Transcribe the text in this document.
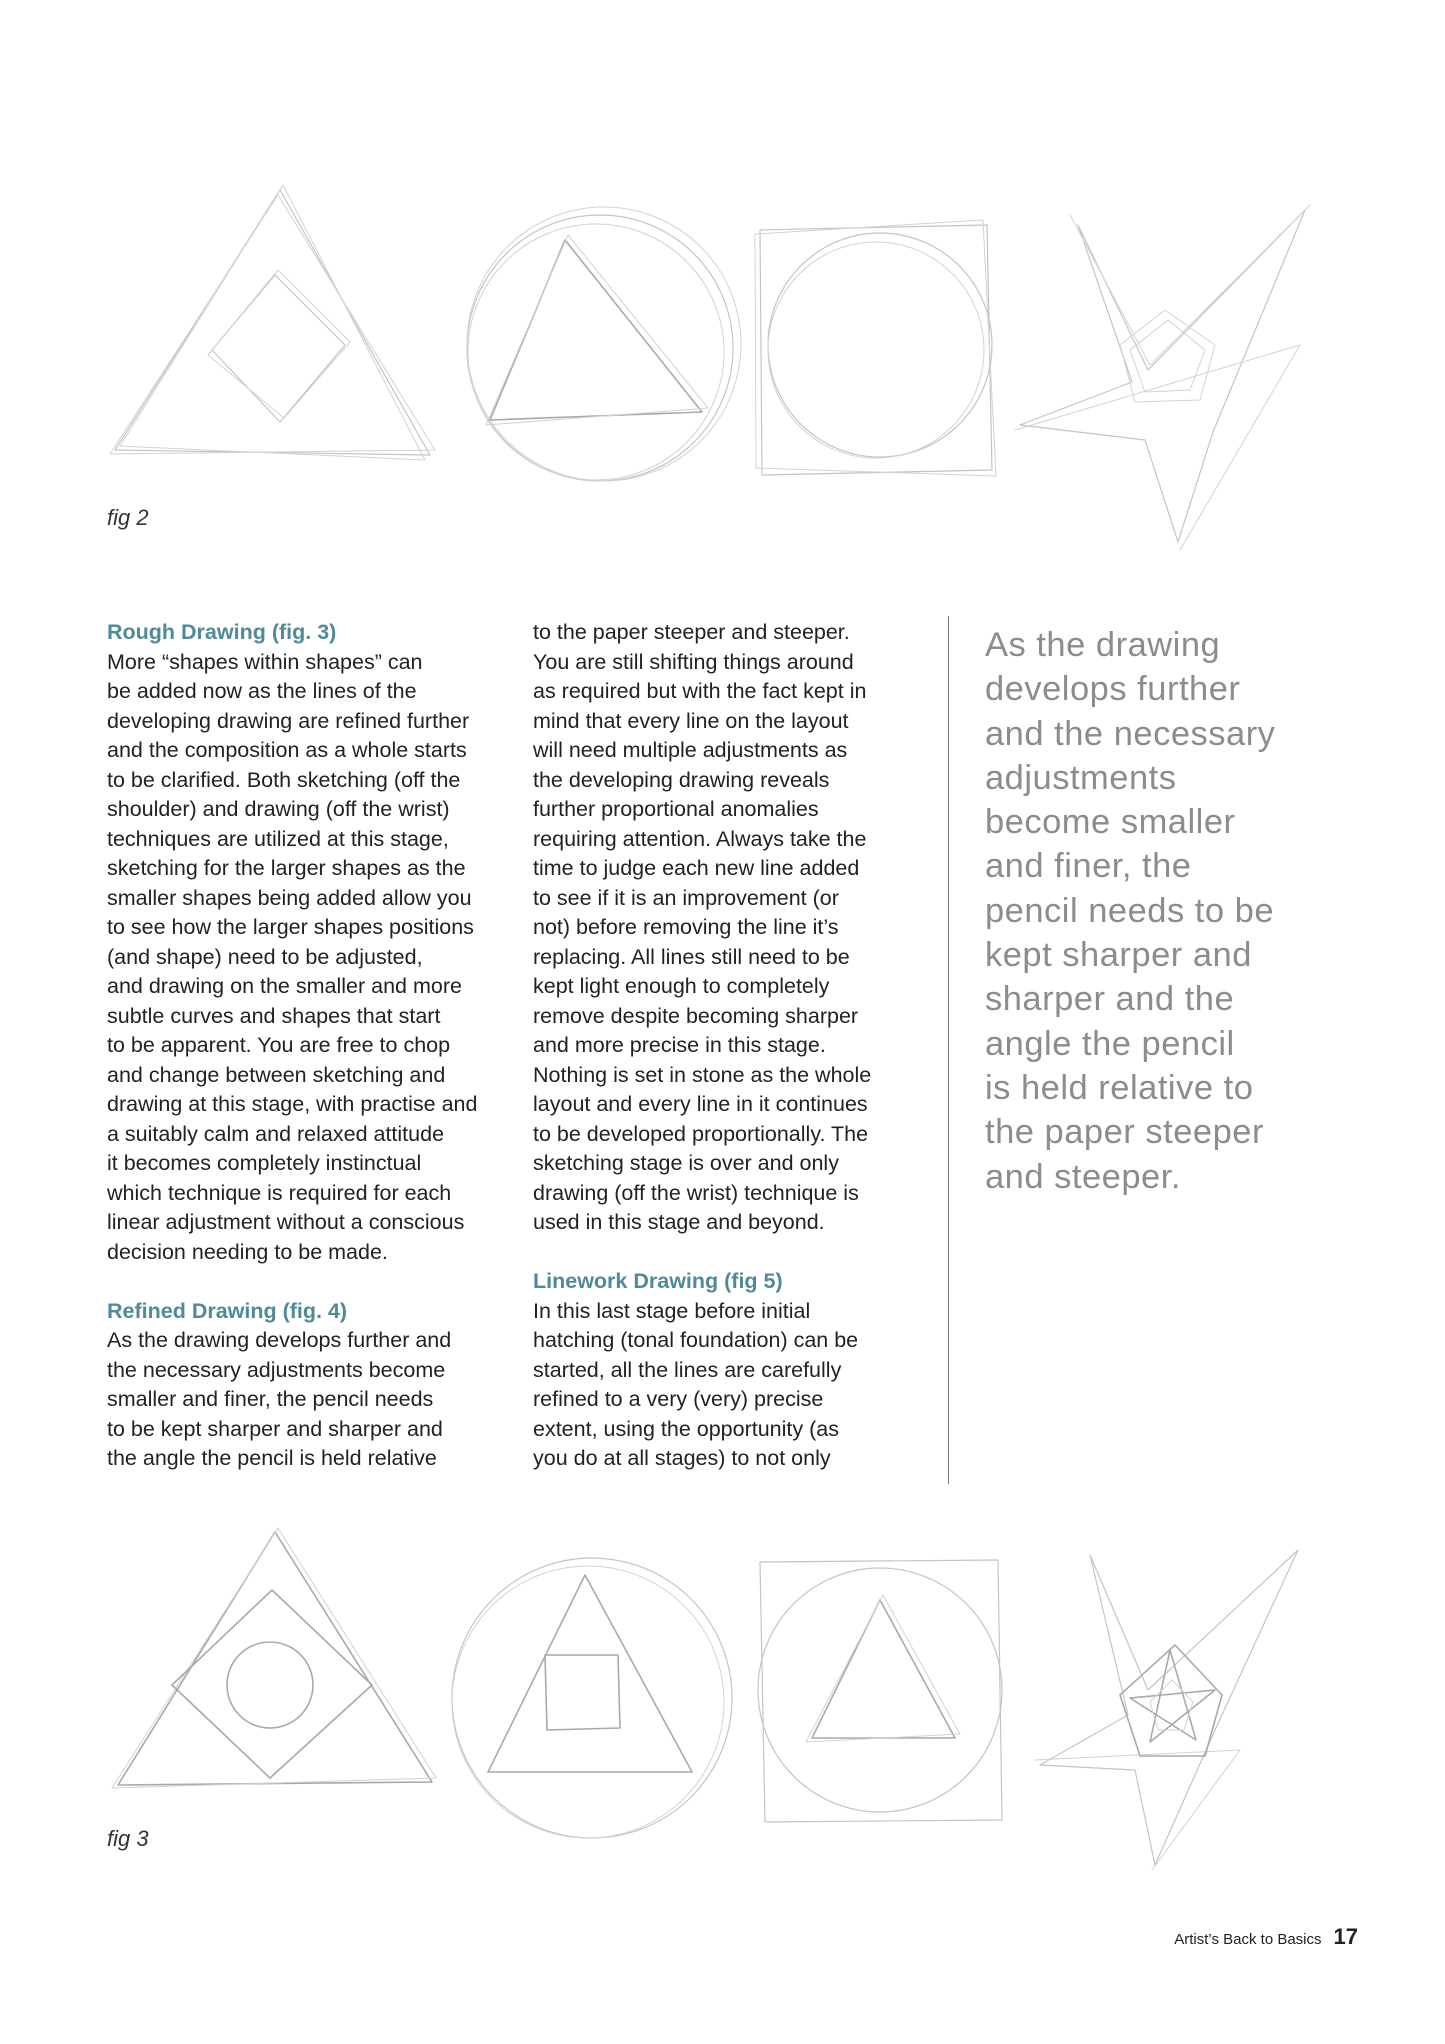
fig 2
Rough Drawing (fig. 3)

More “shapes within shapes” can
be added now as the lines of the
developing drawing are refined further
and the composition as a whole starts
to be clarified. Both sketching (off the
shoulder) and drawing (off the wrist)
techniques are utilized at this stage,
sketching for the larger shapes as the
smaller shapes being added allow you
to see how the larger shapes positions
(and shape) need to be adjusted,
and drawing on the smaller and more
subtle curves and shapes that start
to be apparent. You are free to chop
and change between sketching and
drawing at this stage, with practise and
a suitably calm and relaxed attitude
it becomes completely instinctual
which technique is required for each
linear adjustment without a conscious
decision needing to be made.

Refined Drawing (fig. 4)

As the drawing develops further and
the necessary adjustments become
smaller and finer, the pencil needs
to be kept sharper and sharper and
the angle the pencil is held relative

to the paper steeper and steeper.
You are still shifting things around
as required but with the fact kept in
mind that every line on the layout
will need multiple adjustments as
the developing drawing reveals
further proportional anomalies
requiring attention. Always take the
time to judge each new line added
to see if it is an improvement (or
not) before removing the line it’s
replacing. All lines still need to be
kept light enough to completely
remove despite becoming sharper
and more precise in this stage.
Nothing is set in stone as the whole
layout and every line in it continues
to be developed proportionally. The
sketching stage is over and only
drawing (off the wrist) technique is
used in this stage and beyond.

Linework Drawing (fig 5)

In this last stage before initial
hatching (tonal foundation) can be
started, all the lines are carefully
refined to a very (very) precise
extent, using the opportunity (as
you do at all stages) to not only

As the drawing
develops further
and the necessary
adjustments
become smaller
and finer, the
pencil needs to be
kept sharper and
sharper and the
angle the pencil
is held relative to
the paper steeper
and steeper.
fig 3
Artist’s Back to Basics 17
